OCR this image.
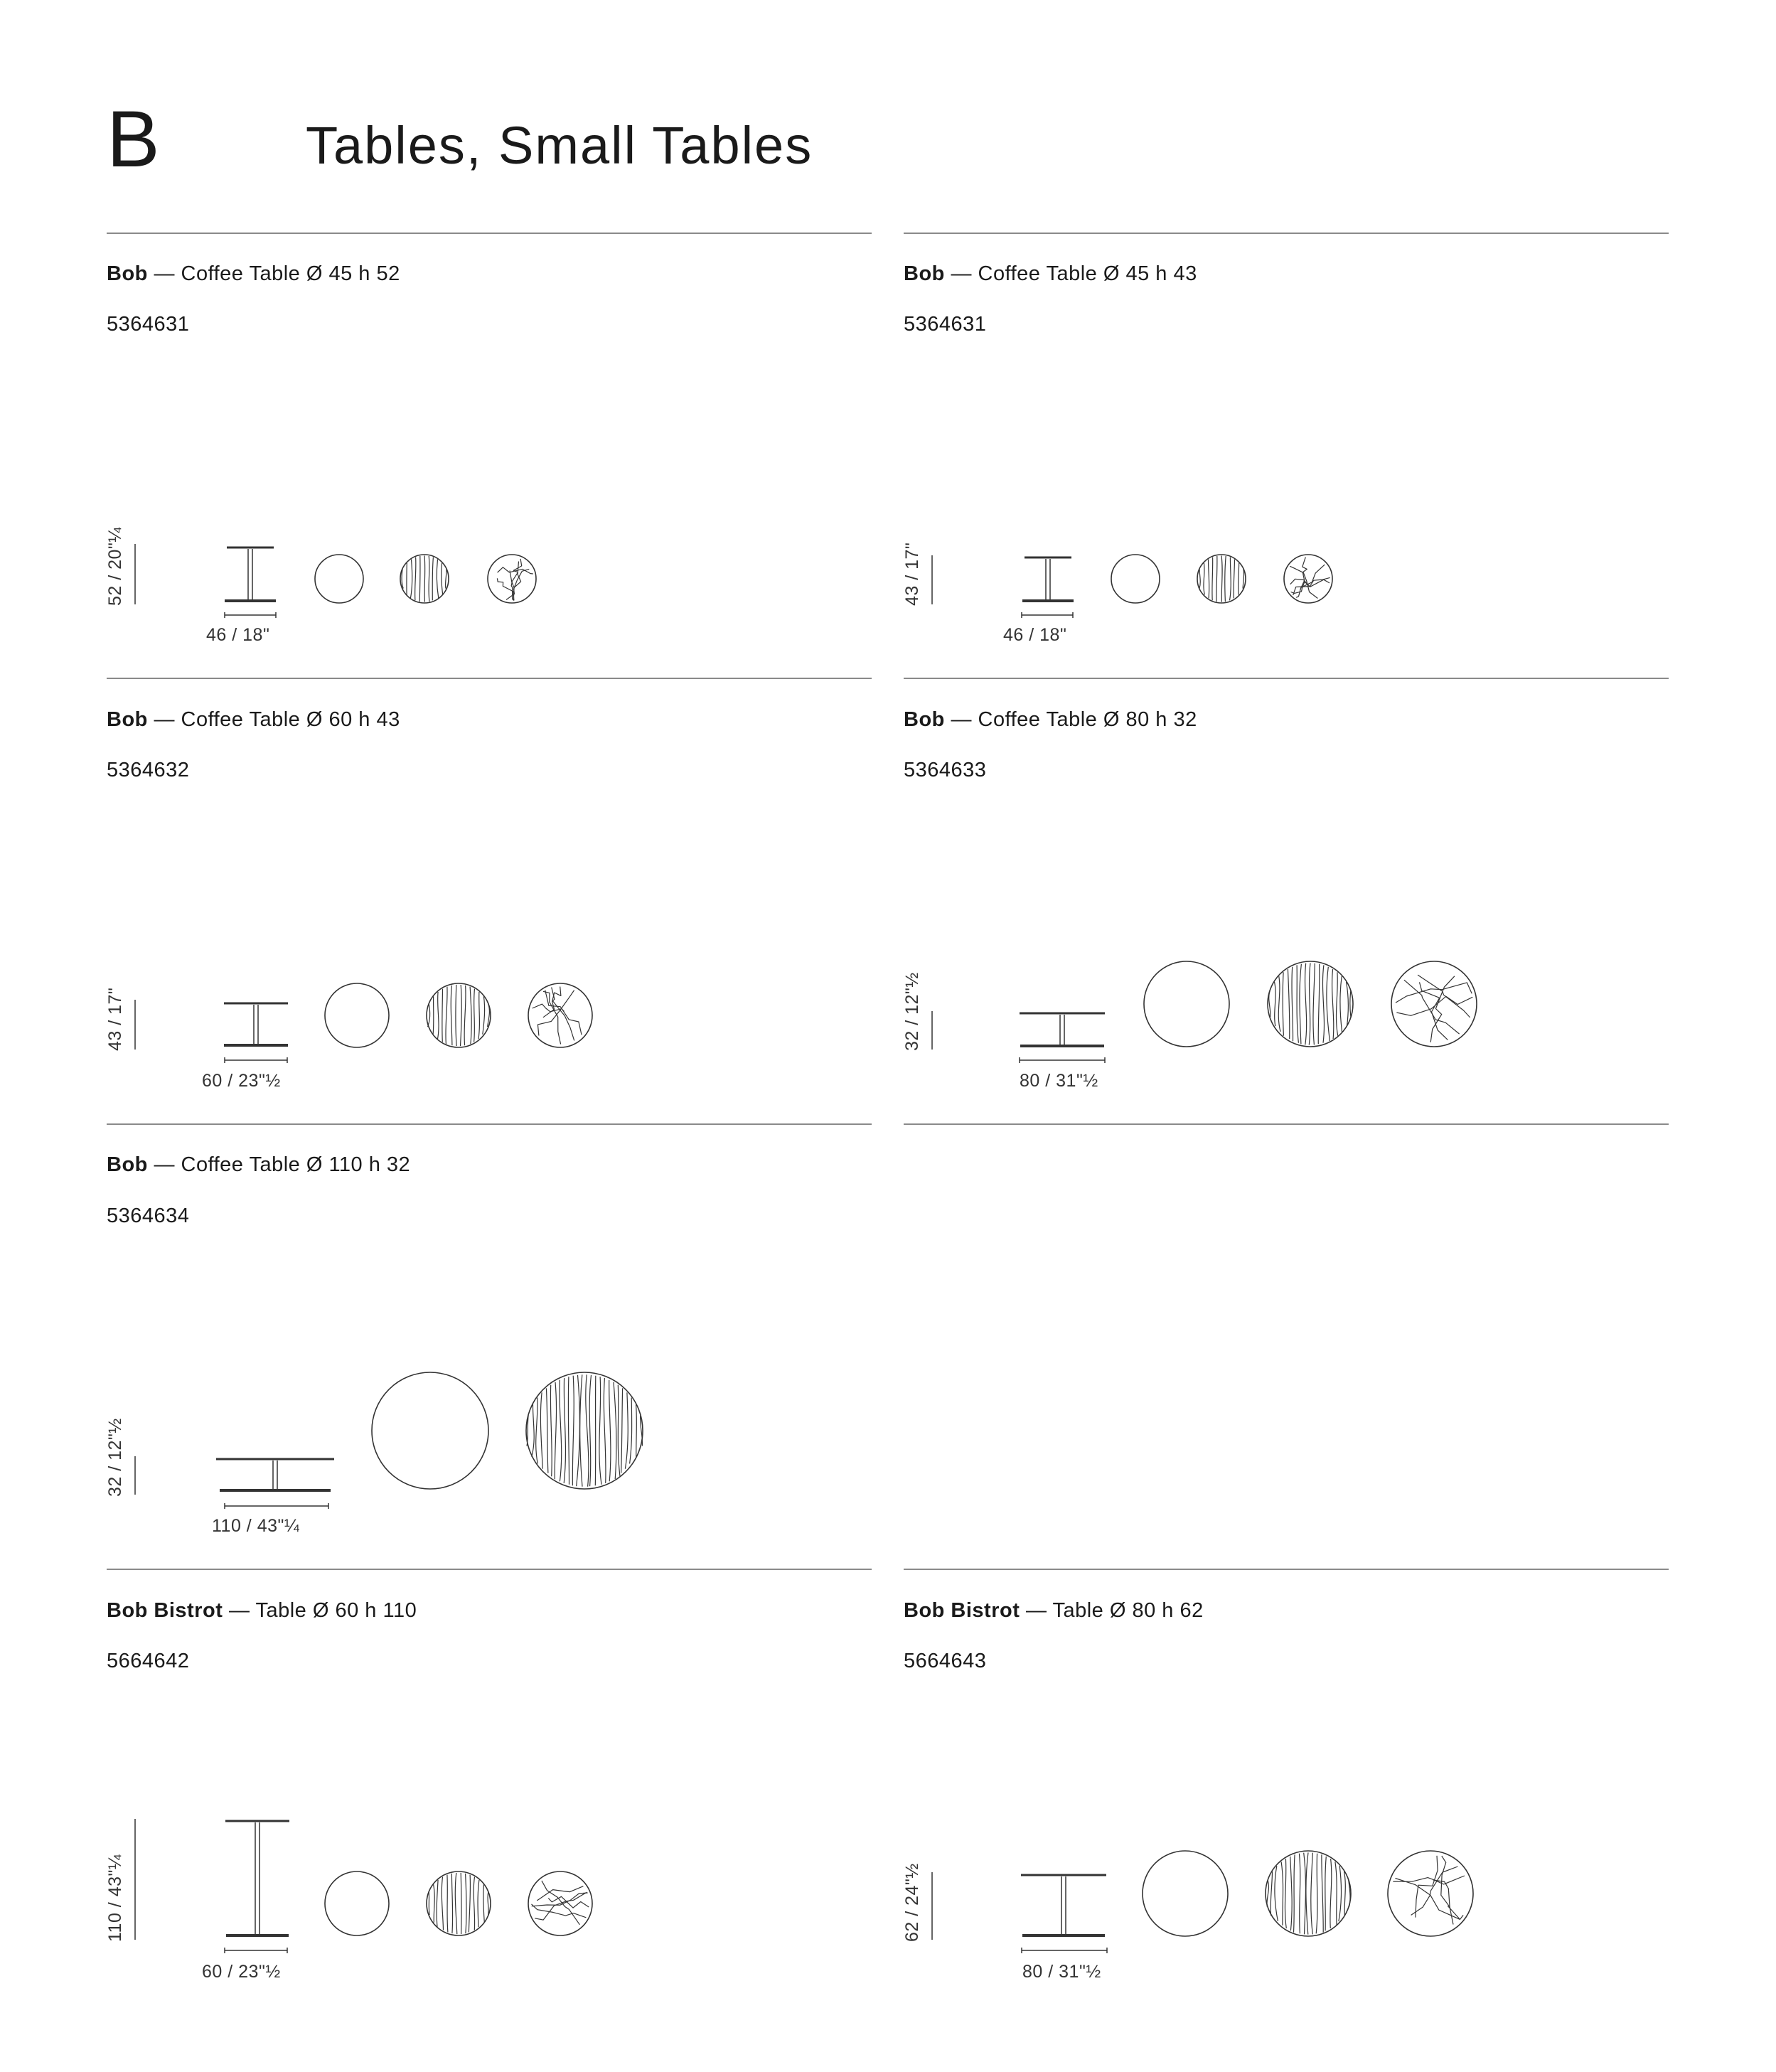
B	Tables, Small Tables
Bob — Coffee Table Ø 45 h 52
5364631
52 / 20"¼
46 / 18"
Bob — Coffee Table Ø 45 h 43
5364631
43 / 17"
46 / 18"
Bob — Coffee Table Ø 60 h 43
5364632
43 / 17"
60 / 23"½
Bob — Coffee Table Ø 80 h 32
5364633
32 / 12"½
80 / 31"½
Bob — Coffee Table Ø 110 h 32
5364634
32 / 12"½
110 / 43"¼
Bob Bistrot — Table Ø 60 h 110
5664642
110 / 43"¼
60 / 23"½
Bob Bistrot — Table Ø 80 h 62
5664643
62 / 24"½
80 / 31"½
